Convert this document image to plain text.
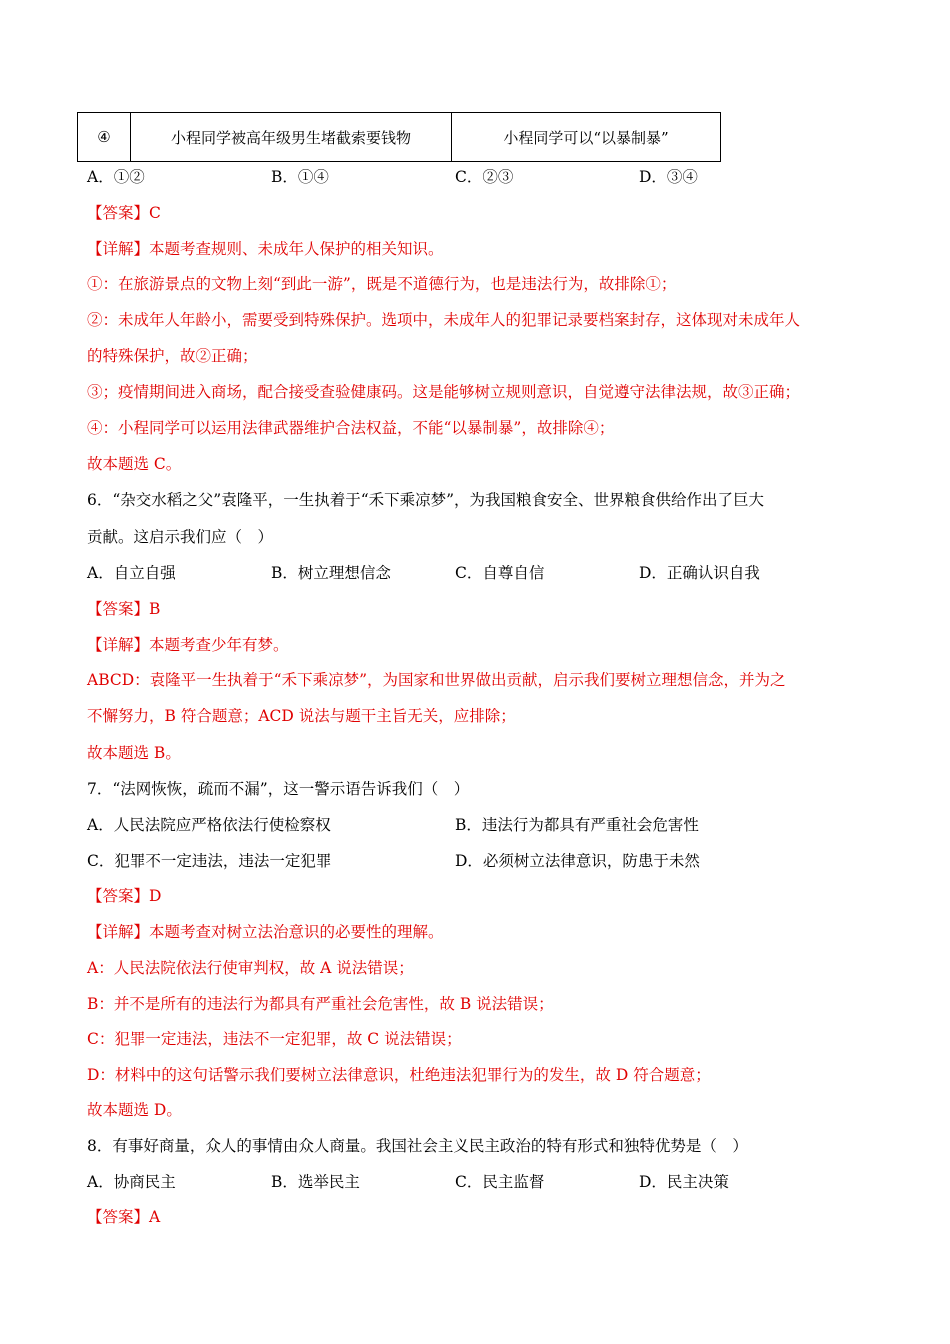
④	小程同学被高年级男生堵截索要钱物	小程同学可以“以暴制暴”
A．①②	B．①④	C．②③	D．③④
【答案】C
【详解】本题考查规则、未成年人保护的相关知识。
①：在旅游景点的文物上刻“到此一游”，既是不道德行为，也是违法行为，故排除①；
②：未成年人年龄小，需要受到特殊保护。选项中，未成年人的犯罪记录要档案封存，这体现对未成年人
的特殊保护，故②正确；
③；疫情期间进入商场，配合接受查验健康码。这是能够树立规则意识，自觉遵守法律法规，故③正确；
④：小程同学可以运用法律武器维护合法权益，不能“以暴制暴”，故排除④；
故本题选 C。
6．“杂交水稻之父”袁隆平，一生执着于“禾下乘凉梦”，为我国粮食安全、世界粮食供给作出了巨大
贡献。这启示我们应（　）
A．自立自强	B．树立理想信念	C．自尊自信	D．正确认识自我
【答案】B
【详解】本题考查少年有梦。
ABCD：袁隆平一生执着于“禾下乘凉梦”，为国家和世界做出贡献，启示我们要树立理想信念，并为之
不懈努力，B 符合题意；ACD 说法与题干主旨无关，应排除；
故本题选 B。
7．“法网恢恢，疏而不漏”，这一警示语告诉我们（　）
A．人民法院应严格依法行使检察权	B．违法行为都具有严重社会危害性
C．犯罪不一定违法，违法一定犯罪	D．必须树立法律意识，防患于未然
【答案】D
【详解】本题考查对树立法治意识的必要性的理解。
A：人民法院依法行使审判权，故 A 说法错误；
B：并不是所有的违法行为都具有严重社会危害性，故 B 说法错误；
C：犯罪一定违法，违法不一定犯罪，故 C 说法错误；
D：材料中的这句话警示我们要树立法律意识，杜绝违法犯罪行为的发生，故 D 符合题意；
故本题选 D。
8．有事好商量，众人的事情由众人商量。我国社会主义民主政治的特有形式和独特优势是（　）
A．协商民主	B．选举民主	C．民主监督	D．民主决策
【答案】A
